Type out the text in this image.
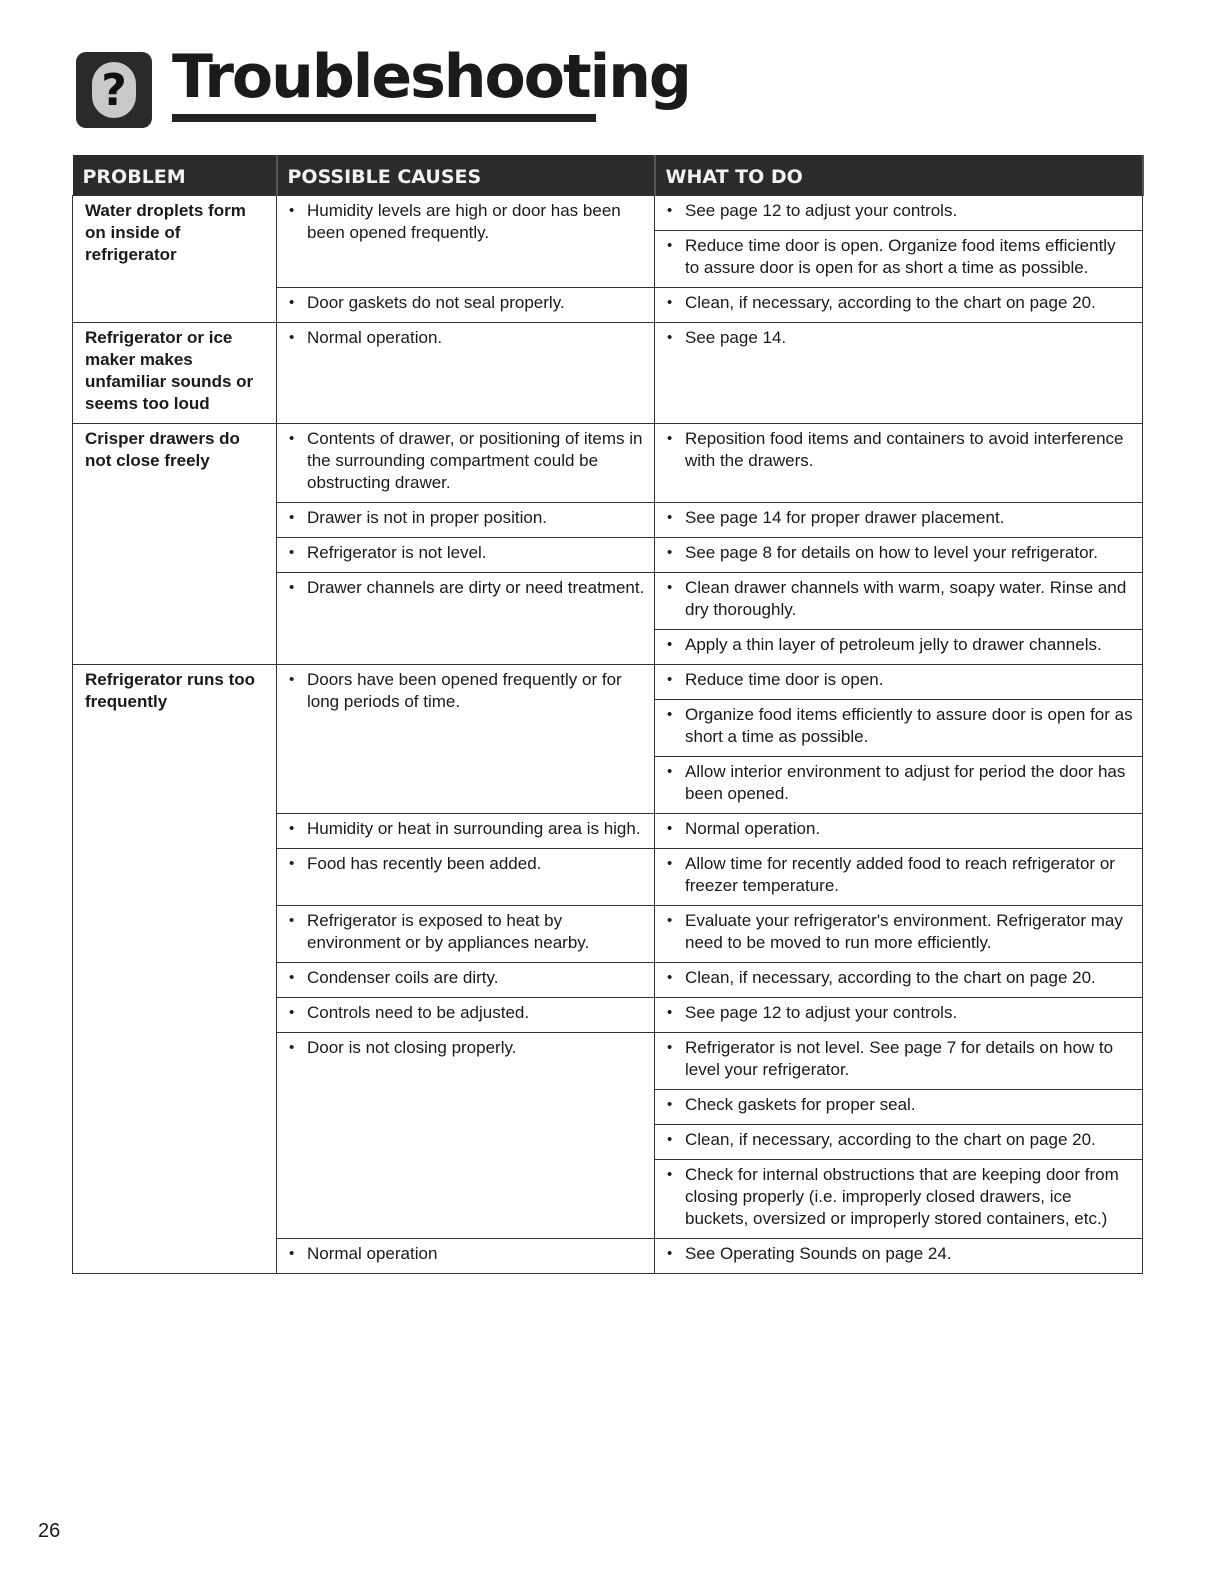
? Troubleshooting
PROBLEM	POSSIBLE CAUSES	WHAT TO DO
Water droplets form on inside of refrigerator	• Humidity levels are high or door has been been opened frequently.	• See page 12 to adjust your controls.

		• Reduce time door is open. Organize food items efficiently to assure door is open for as short a time as possible.

	• Door gaskets do not seal properly.	• Clean, if necessary, according to the chart on page 20.

Refrigerator or ice maker makes unfamiliar sounds or seems too loud	• Normal operation.	• See page 14.

Crisper drawers do not close freely	• Contents of drawer, or positioning of items in the surrounding compartment could be obstructing drawer.	• Reposition food items and containers to avoid interference with the drawers.

	• Drawer is not in proper position.	• See page 14 for proper drawer placement.

	• Refrigerator is not level.	• See page 8 for details on how to level your refrigerator.

	• Drawer channels are dirty or need treatment.	• Clean drawer channels with warm, soapy water. Rinse and dry thoroughly.

		• Apply a thin layer of petroleum jelly to drawer channels.

Refrigerator runs too frequently	• Doors have been opened frequently or for long periods of time.	• Reduce time door is open.

		• Organize food items efficiently to assure door is open for as short a time as possible.

		• Allow interior environment to adjust for period the door has been opened.

	• Humidity or heat in surrounding area is high.	• Normal operation.

	• Food has recently been added.	• Allow time for recently added food to reach refrigerator or freezer temperature.

	• Refrigerator is exposed to heat by environment or by appliances nearby.	• Evaluate your refrigerator's environment. Refrigerator may need to be moved to run more efficiently.

	• Condenser coils are dirty.	• Clean, if necessary, according to the chart on page 20.

	• Controls need to be adjusted.	• See page 12 to adjust your controls.

	• Door is not closing properly.	• Refrigerator is not level. See page 7 for details on how to level your refrigerator.

		• Check gaskets for proper seal.

		• Clean, if necessary, according to the chart on page 20.

		• Check for internal obstructions that are keeping door from closing properly (i.e. improperly closed drawers, ice buckets, oversized or improperly stored containers, etc.)

	• Normal operation	• See Operating Sounds on page 24.
26
